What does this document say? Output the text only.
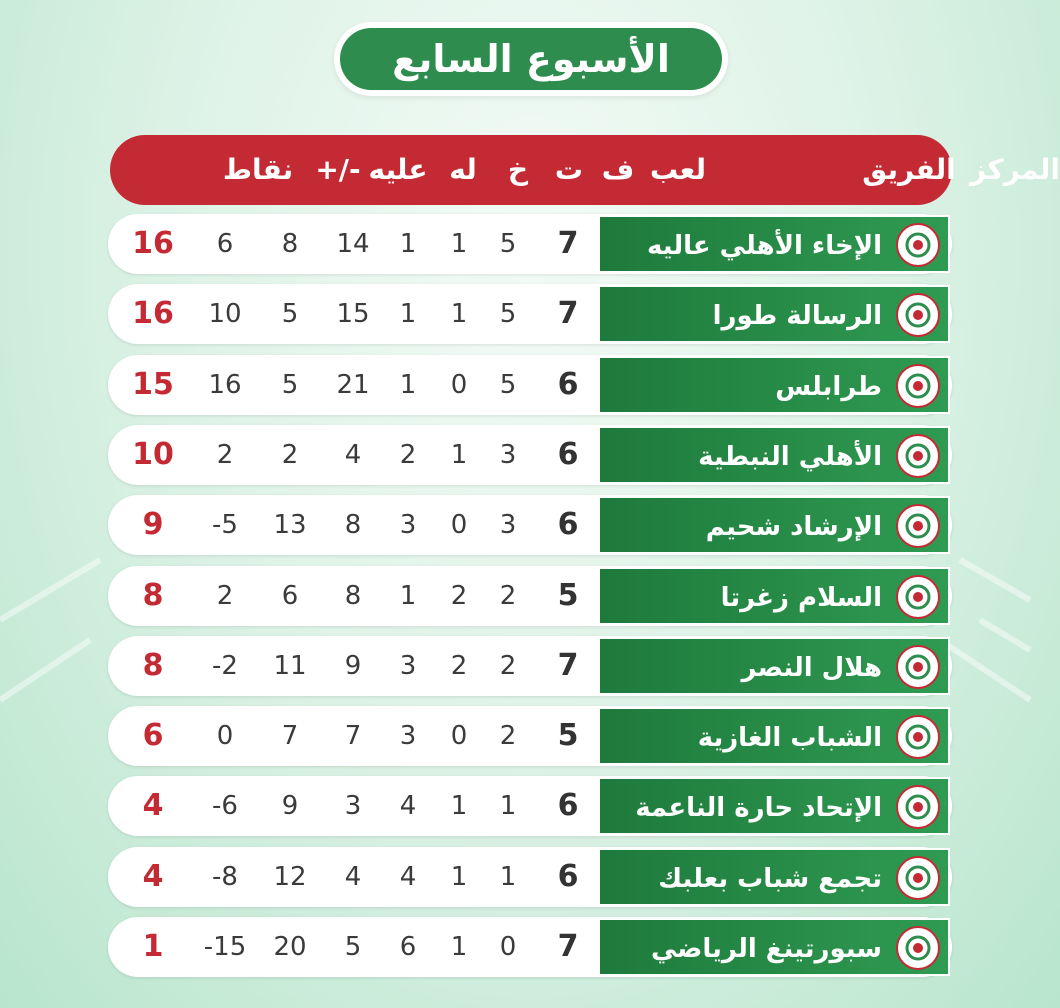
الأسبوع السابع
المركز
الفريق
لعب
ف
ت
خ
له
عليه
+/-
نقاط
الإخاء الأهلي عاليه
7
5
1
1
14
8
6
16
الرسالة طورا
7
5
1
1
15
5
10
16
طرابلس
6
5
0
1
21
5
16
15
الأهلي النبطية
6
3
1
2
4
2
2
10
الإرشاد شحيم
6
3
0
3
8
13
-5
9
السلام زغرتا
5
2
2
1
8
6
2
8
هلال النصر
7
2
2
3
9
11
-2
8
الشباب الغازية
5
2
0
3
7
7
0
6
الإتحاد حارة الناعمة
6
1
1
4
3
9
-6
4
تجمع شباب بعلبك
6
1
1
4
4
12
-8
4
سبورتينغ الرياضي
7
0
1
6
5
20
-15
1
